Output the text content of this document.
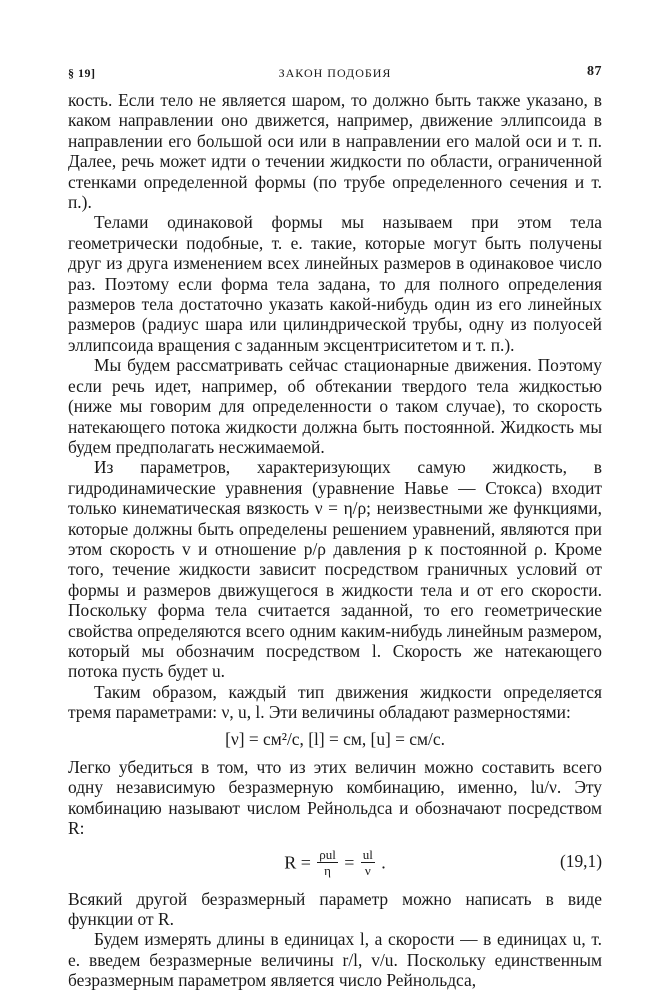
§ 19]	ЗАКОН ПОДОБИЯ	87

кость. Если тело не является шаром, то должно быть также указано, в каком направлении оно движется, например, движение эллипсоида в направлении его большой оси или в направлении его малой оси и т. п. Далее, речь может идти о течении жидкости по области, ограниченной стенками определенной формы (по трубе определенного сечения и т. п.).

Телами одинаковой формы мы называем при этом тела геометрически подобные, т. е. такие, которые могут быть получены друг из друга изменением всех линейных размеров в одинаковое число раз. Поэтому если форма тела задана, то для полного определения размеров тела достаточно указать какой-нибудь один из его линейных размеров (радиус шара или цилиндрической трубы, одну из полуосей эллипсоида вращения с заданным эксцентриситетом и т. п.).

Мы будем рассматривать сейчас стационарные движения. Поэтому если речь идет, например, об обтекании твердого тела жидкостью (ниже мы говорим для определенности о таком случае), то скорость натекающего потока жидкости должна быть постоянной. Жидкость мы будем предполагать несжимаемой.

Из параметров, характеризующих самую жидкость, в гидродинамические уравнения (уравнение Навье — Стокса) входит только кинематическая вязкость ν = η/ρ; неизвестными же функциями, которые должны быть определены решением уравнений, являются при этом скорость v и отношение p/ρ давления p к постоянной ρ. Кроме того, течение жидкости зависит посредством граничных условий от формы и размеров движущегося в жидкости тела и от его скорости. Поскольку форма тела считается заданной, то его геометрические свойства определяются всего одним каким-нибудь линейным размером, который мы обозначим посредством l. Скорость же натекающего потока пусть будет u.

Таким образом, каждый тип движения жидкости определяется тремя параметрами: ν, u, l. Эти величины обладают размерностями:

[ν] = см²/с, [l] = см, [u] = см/с.

Легко убедиться в том, что из этих величин можно составить всего одну независимую безразмерную комбинацию, именно, lu/ν. Эту комбинацию называют числом Рейнольдса и обозначают посредством R:

$R = \frac{\text{ρul}}{\eta} = \frac{ul}{\nu}$ .	(19,1)

Всякий другой безразмерный параметр можно написать в виде функции от R.

Будем измерять длины в единицах l, а скорости — в единицах u, т. е. введем безразмерные величины r/l, v/u. Поскольку единственным безразмерным параметром является число Рейнольдса,
